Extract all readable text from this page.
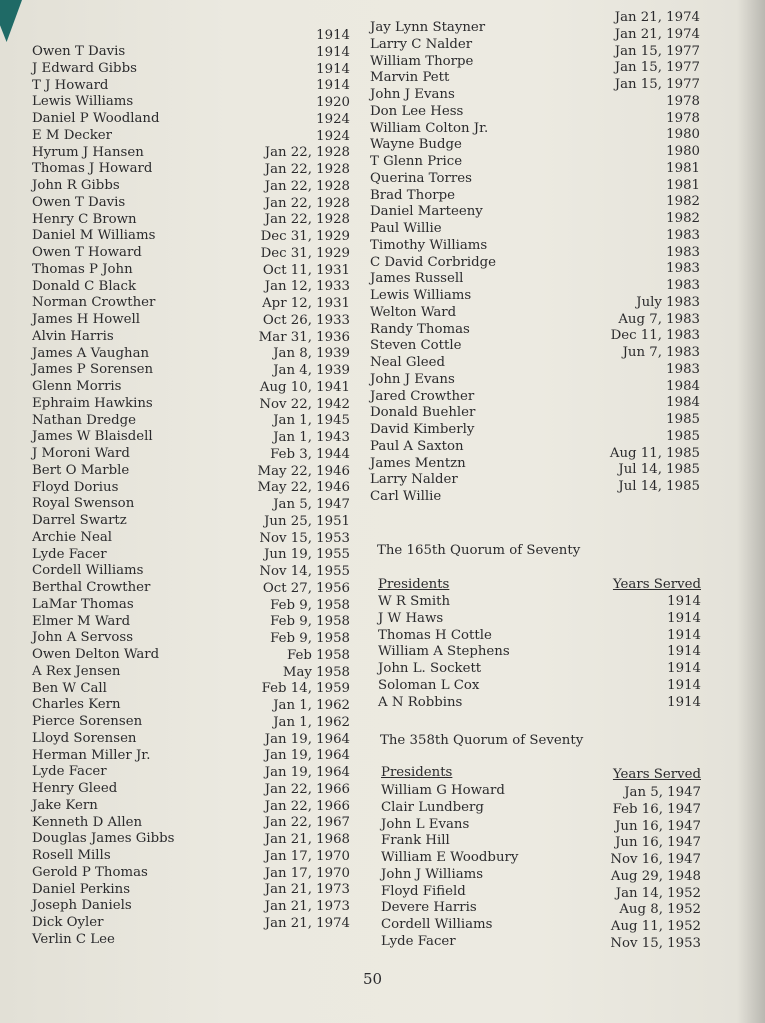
Owen T Davis
J Edward Gibbs
T J Howard
Lewis Williams
Daniel P Woodland
E M Decker
Hyrum J Hansen
Thomas J Howard
John R Gibbs
Owen T Davis
Henry C Brown
Daniel M Williams
Owen T Howard
Thomas P John
Donald C Black
Norman Crowther
James H Howell
Alvin Harris
James A Vaughan
James P Sorensen
Glenn Morris
Ephraim Hawkins
Nathan Dredge
James W Blaisdell
J Moroni Ward
Bert O Marble
Floyd Dorius
Royal Swenson
Darrel Swartz
Archie Neal
Lyde Facer
Cordell Williams
Berthal Crowther
LaMar Thomas
Elmer M Ward
John A Servoss
Owen Delton Ward
A Rex Jensen
Ben W Call
Charles Kern
Pierce Sorensen
Lloyd Sorensen
Herman Miller Jr.
Lyde Facer
Henry Gleed
Jake Kern
Kenneth D Allen
Douglas James Gibbs
Rosell Mills
Gerold P Thomas
Daniel Perkins
Joseph Daniels
Dick Oyler
Verlin C Lee
1914
1914
1914
1914
1920
1924
1924
Jan 22, 1928
Jan 22, 1928
Jan 22, 1928
Jan 22, 1928
Jan 22, 1928
Dec 31, 1929
Dec 31, 1929
Oct 11, 1931
Jan 12, 1933
Apr 12, 1931
Oct 26, 1933
Mar 31, 1936
Jan 8, 1939
Jan 4, 1939
Aug 10, 1941
Nov 22, 1942
Jan 1, 1945
Jan 1, 1943
Feb 3, 1944
May 22, 1946
May 22, 1946
Jan 5, 1947
Jun 25, 1951
Nov 15, 1953
Jun 19, 1955
Nov 14, 1955
Oct 27, 1956
Feb 9, 1958
Feb 9, 1958
Feb 9, 1958
Feb 1958
May 1958
Feb 14, 1959
Jan 1, 1962
Jan 1, 1962
Jan 19, 1964
Jan 19, 1964
Jan 19, 1964
Jan 22, 1966
Jan 22, 1966
Jan 22, 1967
Jan 21, 1968
Jan 17, 1970
Jan 17, 1970
Jan 21, 1973
Jan 21, 1973
Jan 21, 1974
Jay Lynn Stayner
Larry C Nalder
William Thorpe
Marvin Pett
John J Evans
Don Lee Hess
William Colton Jr.
Wayne Budge
T Glenn Price
Querina Torres
Brad Thorpe
Daniel Marteeny
Paul Willie
Timothy Williams
C David Corbridge
James Russell
Lewis Williams
Welton Ward
Randy Thomas
Steven Cottle
Neal Gleed
John J Evans
Jared Crowther
Donald Buehler
David Kimberly
Paul A Saxton
James Mentzn
Larry Nalder
Carl Willie
Jan 21, 1974
Jan 21, 1974
Jan 15, 1977
Jan 15, 1977
Jan 15, 1977
1978
1978
1980
1980
1981
1981
1982
1982
1983
1983
1983
1983
July 1983
Aug 7, 1983
Dec 11, 1983
Jun 7, 1983
1983
1984
1984
1985
1985
Aug 11, 1985
Jul 14, 1985
Jul 14, 1985
The 165th Quorum of Seventy
Presidents	Years Served
W R Smith
J W Haws
Thomas H Cottle
William A Stephens
John L. Sockett
Soloman L Cox
A N Robbins
1914
1914
1914
1914
1914
1914
1914
The 358th Quorum of Seventy
Presidents	Years Served
William G Howard
Clair Lundberg
John L Evans
Frank Hill
William E Woodbury
John J Williams
Floyd Fifield
Devere Harris
Cordell Williams
Lyde Facer
Jan 5, 1947
Feb 16, 1947
Jun 16, 1947
Jun 16, 1947
Nov 16, 1947
Aug 29, 1948
Jan 14, 1952
Aug 8, 1952
Aug 11, 1952
Nov 15, 1953
50
